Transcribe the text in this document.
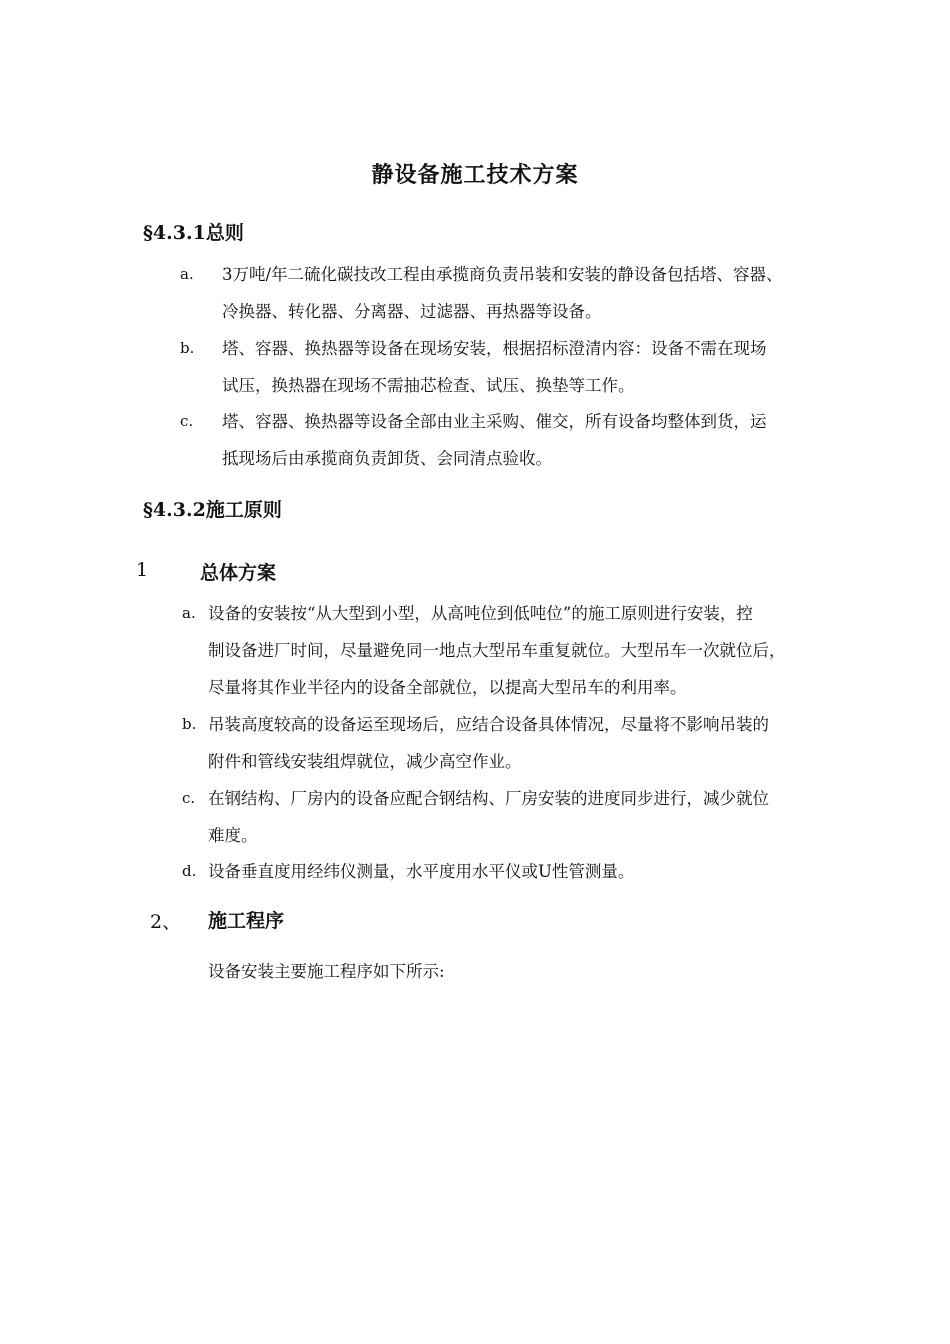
静设备施工技术方案
§4.3.1总则
a. 3万吨/年二硫化碳技改工程由承揽商负责吊装和安装的静设备包括塔、容器、
冷换器、转化器、分离器、过滤器、再热器等设备。
b. 塔、容器、换热器等设备在现场安装，根据招标澄清内容：设备不需在现场
试压，换热器在现场不需抽芯检查、试压、换垫等工作。
c. 塔、容器、换热器等设备全部由业主采购、催交，所有设备均整体到货，运
抵现场后由承揽商负责卸货、会同清点验收。
§4.3.2施工原则
1	总体方案
a. 设备的安装按“从大型到小型，从高吨位到低吨位”的施工原则进行安装，控
制设备进厂时间，尽量避免同一地点大型吊车重复就位。大型吊车一次就位后，
尽量将其作业半径内的设备全部就位，以提高大型吊车的利用率。
b. 吊装高度较高的设备运至现场后，应结合设备具体情况，尽量将不影响吊装的
附件和管线安装组焊就位，减少高空作业。
c. 在钢结构、厂房内的设备应配合钢结构、厂房安装的进度同步进行，减少就位
难度。
d. 设备垂直度用经纬仪测量，水平度用水平仪或U性管测量。
2、 施工程序
设备安装主要施工程序如下所示:
